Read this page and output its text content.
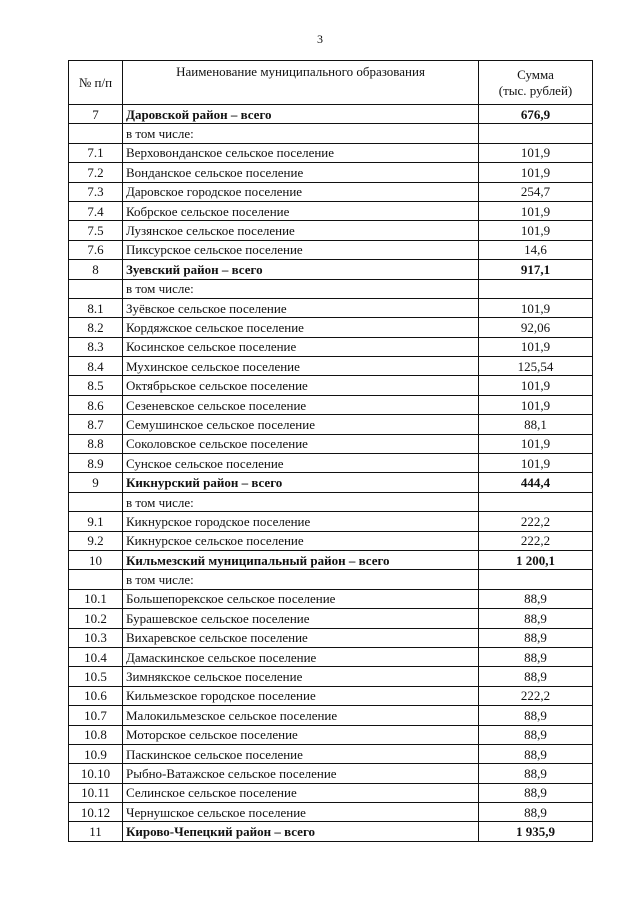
3
№ п/п	Наименование муниципального образования	Сумма
(тыс. рублей)

7	Даровской район – всего	676,9
	в том числе:	
7.1	Верховонданское сельское поселение	101,9
7.2	Вонданское сельское поселение	101,9
7.3	Даровское городское поселение	254,7
7.4	Кобрское сельское поселение	101,9
7.5	Лузянское сельское поселение	101,9
7.6	Пиксурское сельское поселение	14,6
8	Зуевский район – всего	917,1
	в том числе:	
8.1	Зуёвское сельское поселение	101,9
8.2	Кордяжское сельское поселение	92,06
8.3	Косинское сельское поселение	101,9
8.4	Мухинское сельское поселение	125,54
8.5	Октябрьское сельское поселение	101,9
8.6	Сезеневское сельское поселение	101,9
8.7	Семушинское сельское поселение	88,1
8.8	Соколовское сельское поселение	101,9
8.9	Сунское сельское поселение	101,9
9	Кикнурский район – всего	444,4
	в том числе:	
9.1	Кикнурское городское поселение	222,2
9.2	Кикнурское сельское поселение	222,2
10	Кильмезский муниципальный район – всего	1 200,1
	в том числе:	
10.1	Большепорекское сельское поселение	88,9
10.2	Бурашевское сельское поселение	88,9
10.3	Вихаревское сельское поселение	88,9
10.4	Дамаскинское сельское поселение	88,9
10.5	Зимнякское сельское поселение	88,9
10.6	Кильмезское городское поселение	222,2
10.7	Малокильмезское сельское поселение	88,9
10.8	Моторское сельское поселение	88,9
10.9	Паскинское сельское поселение	88,9
10.10	Рыбно-Ватажское сельское поселение	88,9
10.11	Селинское сельское поселение	88,9
10.12	Чернушское сельское поселение	88,9
11	Кирово-Чепецкий район – всего	1 935,9
